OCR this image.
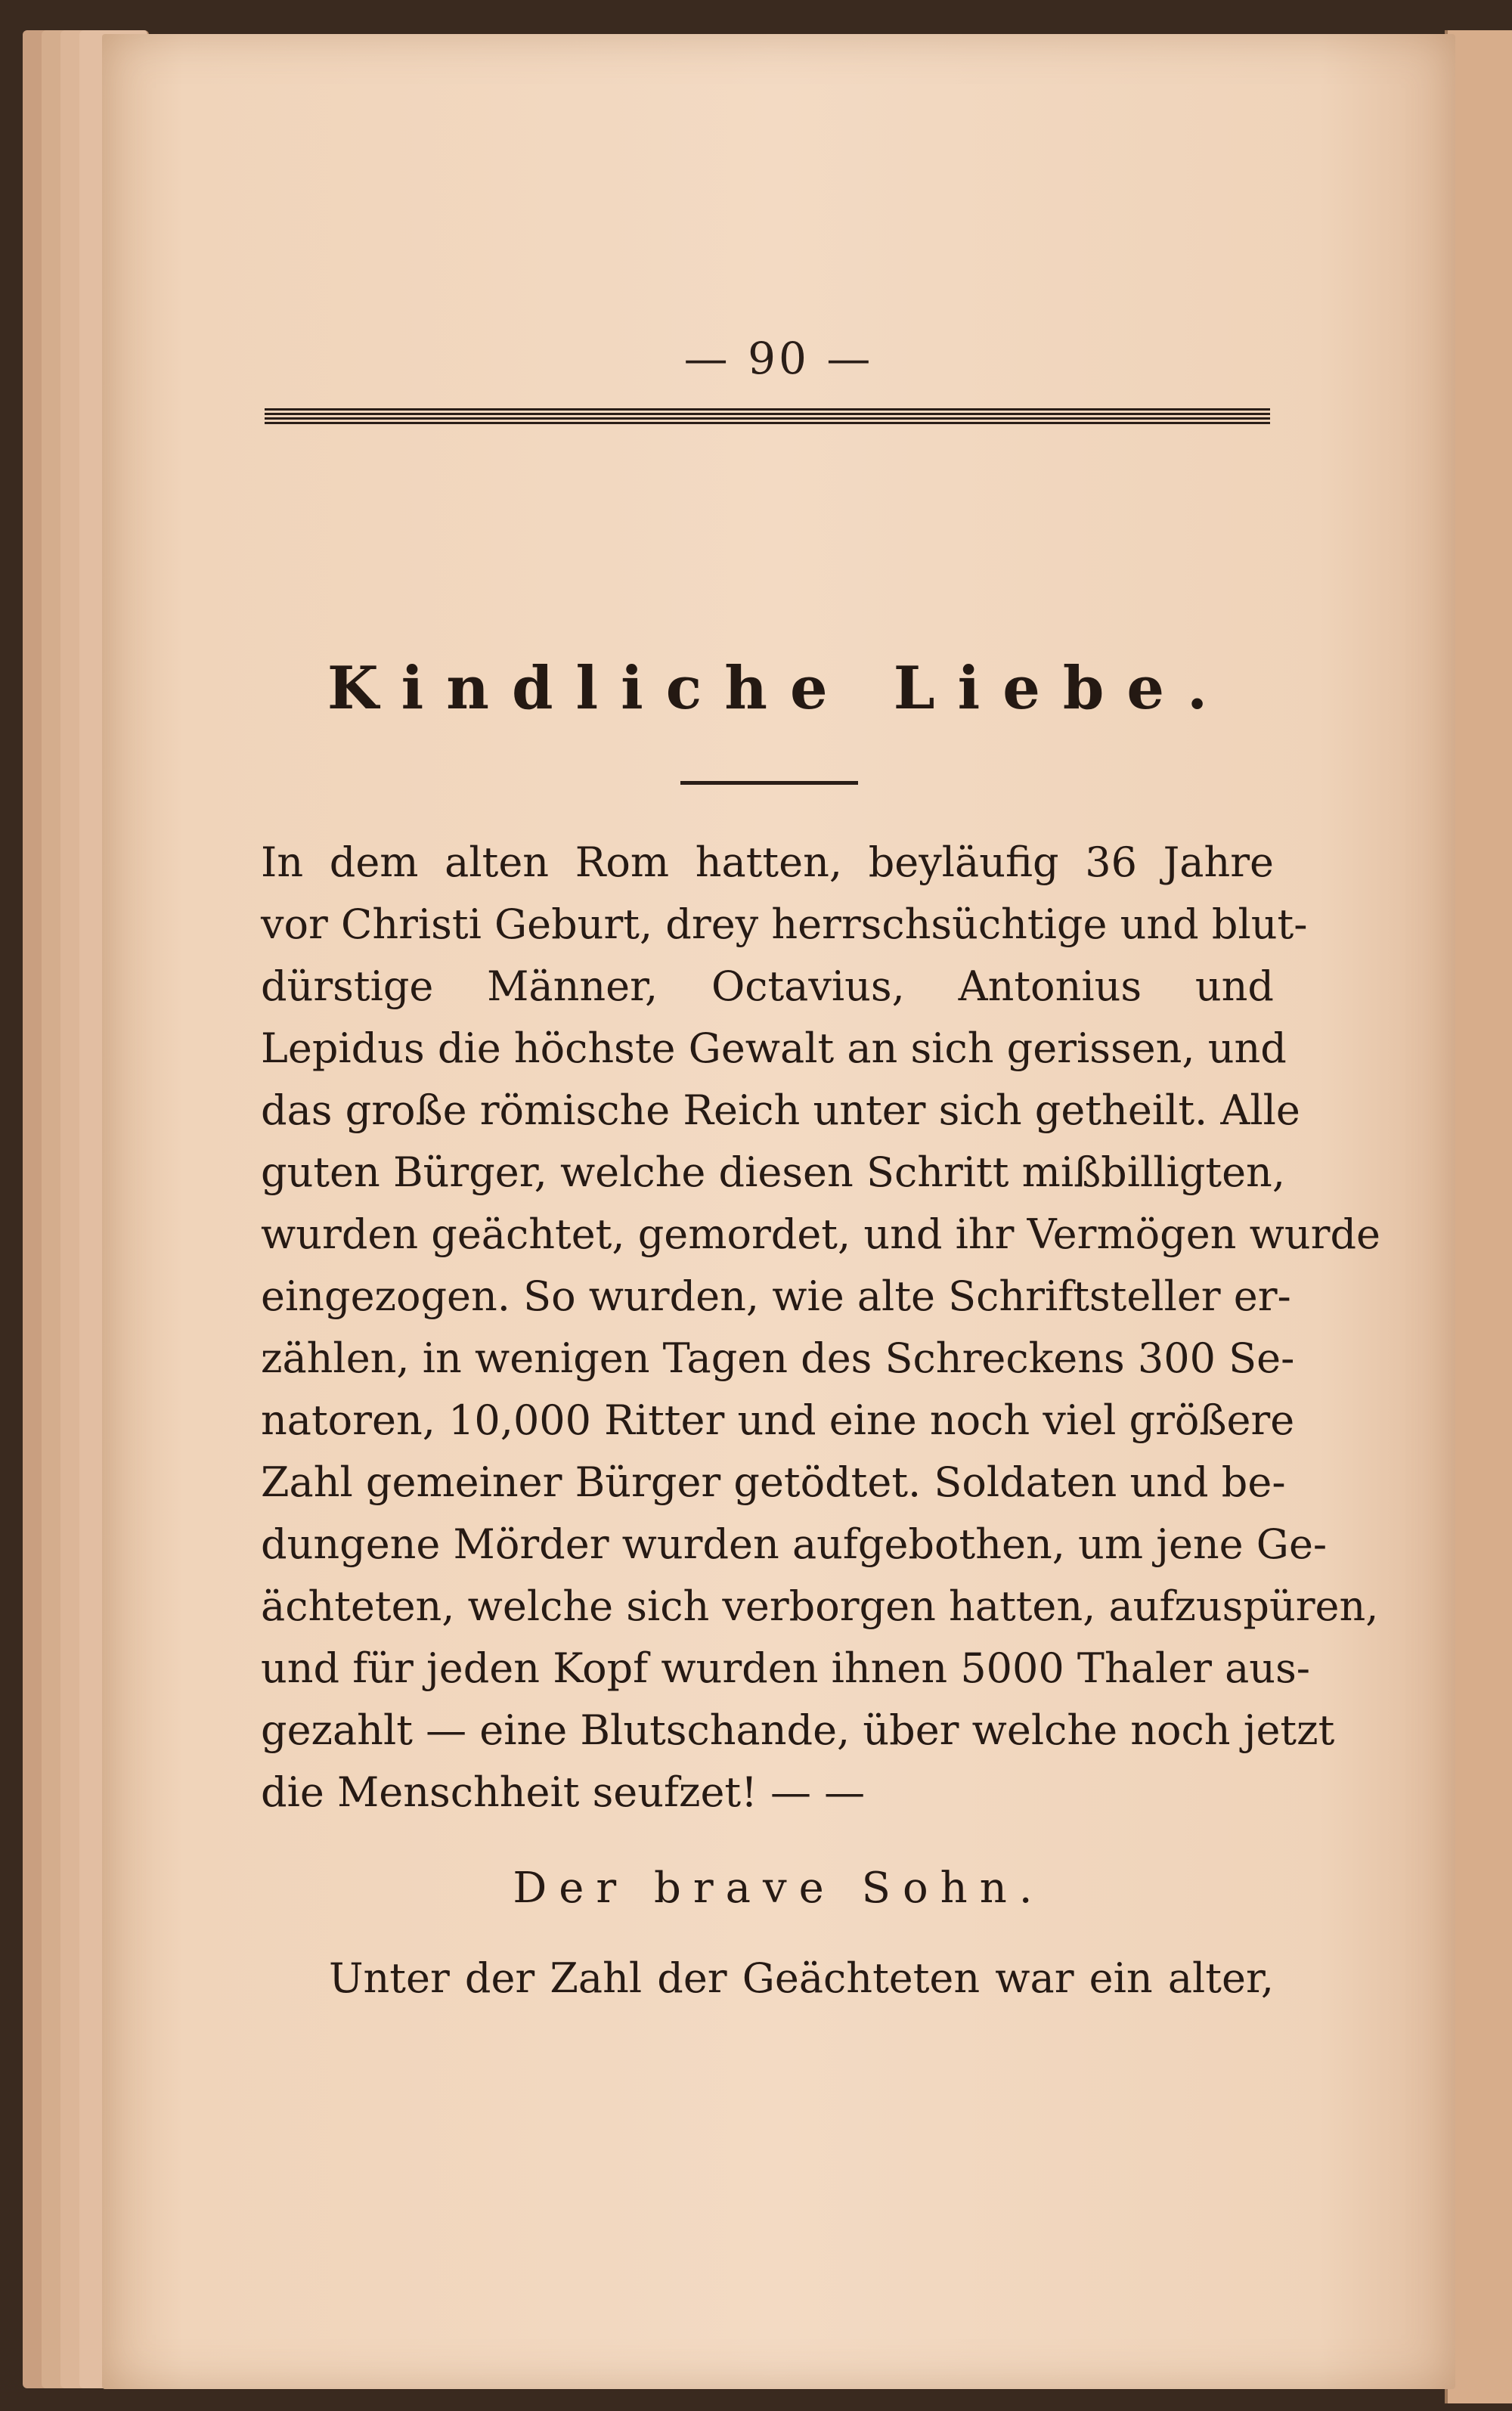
— 90 —
Kindliche Liebe.
In dem alten Rom hatten, beyläufig 36 Jahre
vor Christi Geburt, drey herrschsüchtige und blut-
dürstige Männer, Octavius, Antonius und
Lepidus die höchste Gewalt an sich gerissen, und
das große römische Reich unter sich getheilt. Alle
guten Bürger, welche diesen Schritt mißbilligten,
wurden geächtet, gemordet, und ihr Vermögen wurde
eingezogen. So wurden, wie alte Schriftsteller er-
zählen, in wenigen Tagen des Schreckens 300 Se-
natoren, 10,000 Ritter und eine noch viel größere
Zahl gemeiner Bürger getödtet. Soldaten und be-
dungene Mörder wurden aufgebothen, um jene Ge-
ächteten, welche sich verborgen hatten, aufzuspüren,
und für jeden Kopf wurden ihnen 5000 Thaler aus-
gezahlt — eine Blutschande, über welche noch jetzt
die Menschheit seufzet! — —
Der brave Sohn.
Unter der Zahl der Geächteten war ein alter,
